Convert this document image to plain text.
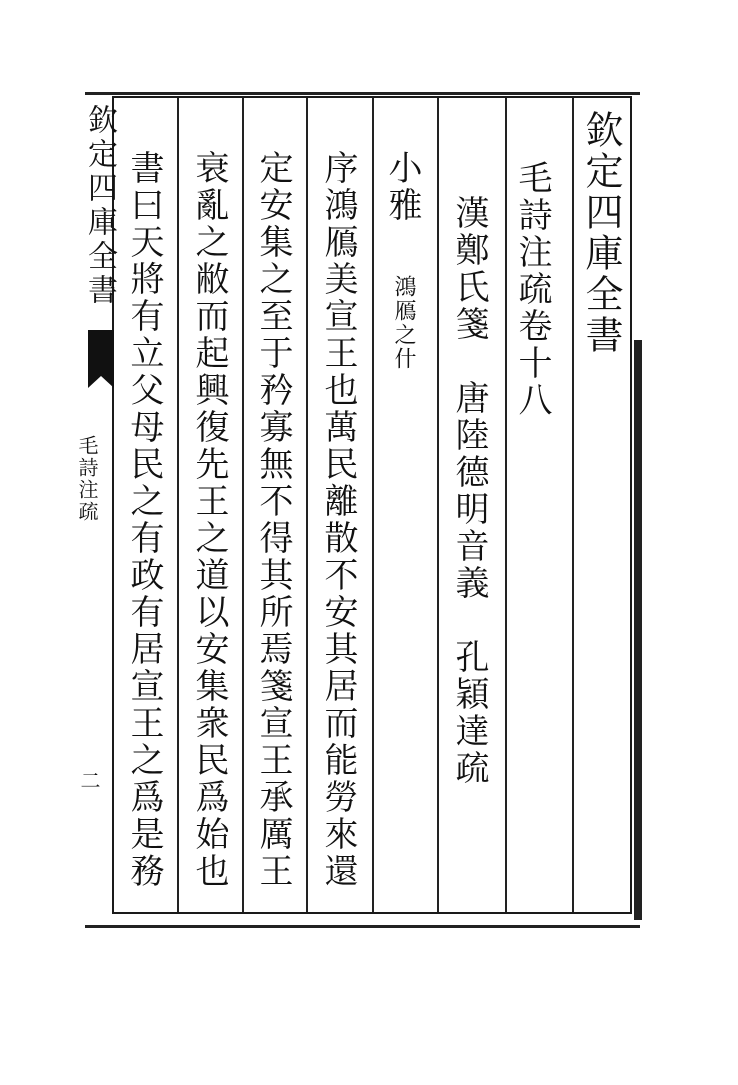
欽定四庫全書
毛詩注疏
二
欽定四庫全書
毛詩注疏卷十八
漢鄭氏箋　唐陸德明音義　孔穎達疏
小雅
鴻鴈之什
序鴻鴈美宣王也萬民離散不安其居而能勞來還
定安集之至于矜寡無不得其所焉箋宣王承厲王
衰亂之敝而起興復先王之道以安集衆民爲始也
書曰天將有立父母民之有政有居宣王之爲是務
